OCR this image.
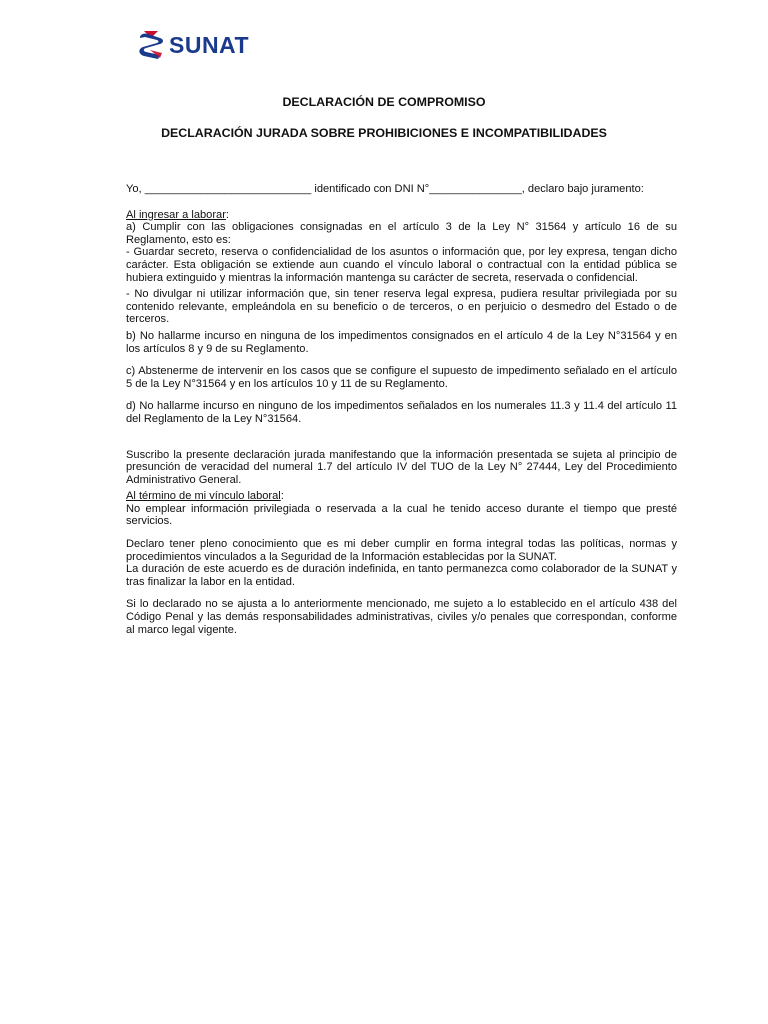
SUNAT
DECLARACIÓN DE COMPROMISO
DECLARACIÓN JURADA SOBRE PROHIBICIONES E INCOMPATIBILIDADES

Yo, ___________________________ identificado con DNI N°_______________, declaro bajo juramento:

Al ingresar a laborar:

a) Cumplir con las obligaciones consignadas en el artículo 3 de la Ley N° 31564 y artículo 16 de su Reglamento, esto es:

- Guardar secreto, reserva o confidencialidad de los asuntos o información que, por ley expresa, tengan dicho carácter. Esta obligación se extiende aun cuando el vínculo laboral o contractual con la entidad pública se hubiera extinguido y mientras la información mantenga su carácter de secreta, reservada o confidencial.

- No divulgar ni utilizar información que, sin tener reserva legal expresa, pudiera resultar privilegiada por su contenido relevante, empleándola en su beneficio o de terceros, o en perjuicio o desmedro del Estado o de terceros.

b) No hallarme incurso en ninguna de los impedimentos consignados en el artículo 4 de la Ley N°31564 y en los artículos 8 y 9 de su Reglamento.

c) Abstenerme de intervenir en los casos que se configure el supuesto de impedimento señalado en el artículo 5 de la Ley N°31564 y en los artículos 10 y 11 de su Reglamento.

d) No hallarme incurso en ninguno de los impedimentos señalados en los numerales 11.3 y 11.4 del artículo 11 del Reglamento de la Ley N°31564.

Suscribo la presente declaración jurada manifestando que la información presentada se sujeta al principio de presunción de veracidad del numeral 1.7 del artículo IV del TUO de la Ley N° 27444, Ley del Procedimiento Administrativo General.

Al término de mi vínculo laboral:

No emplear información privilegiada o reservada a la cual he tenido acceso durante el tiempo que presté servicios.

Declaro tener pleno conocimiento que es mi deber cumplir en forma integral todas las políticas, normas y procedimientos vinculados a la Seguridad de la Información establecidas por la SUNAT.

La duración de este acuerdo es de duración indefinida, en tanto permanezca como colaborador de la SUNAT y tras finalizar la labor en la entidad.

Si lo declarado no se ajusta a lo anteriormente mencionado, me sujeto a lo establecido en el artículo 438 del Código Penal y las demás responsabilidades administrativas, civiles y/o penales que correspondan, conforme al marco legal vigente.
